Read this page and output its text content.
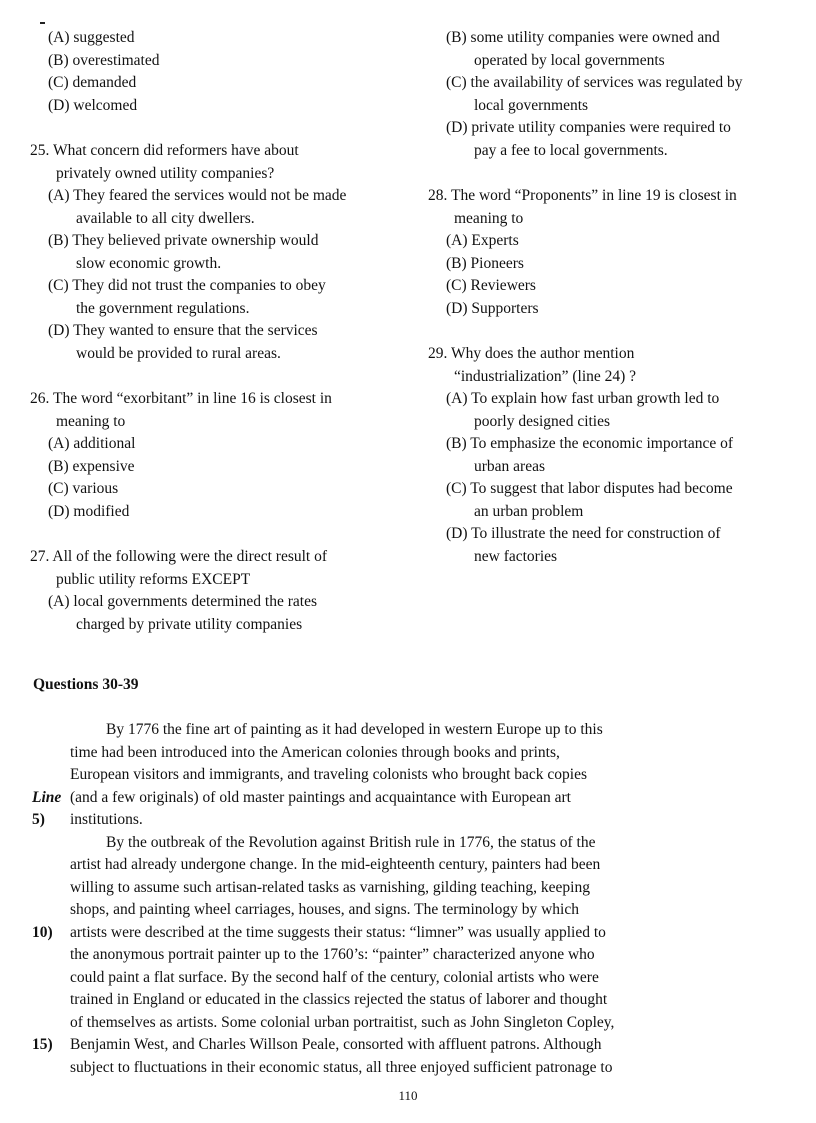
(A) suggested
(B) overestimated
(C) demanded
(D) welcomed
25. What concern did reformers have about
privately owned utility companies?
(A) They feared the services would not be made
available to all city dwellers.
(B) They believed private ownership would
slow economic growth.
(C) They did not trust the companies to obey
the government regulations.
(D) They wanted to ensure that the services
would be provided to rural areas.
26. The word “exorbitant” in line 16 is closest in
meaning to
(A) additional
(B) expensive
(C) various
(D) modified
27. All of the following were the direct result of
public utility reforms EXCEPT
(A) local governments determined the rates
charged by private utility companies
(B) some utility companies were owned and
operated by local governments
(C) the availability of services was regulated by
local governments
(D) private utility companies were required to
pay a fee to local governments.
28. The word “Proponents” in line 19 is closest in
meaning to
(A) Experts
(B) Pioneers
(C) Reviewers
(D) Supporters
29. Why does the author mention
“industrialization” (line 24) ?
(A) To explain how fast urban growth led to
poorly designed cities
(B) To emphasize the economic importance of
urban areas
(C) To suggest that labor disputes had become
an urban problem
(D) To illustrate the need for construction of
new factories
Questions 30-39
By 1776 the fine art of painting as it had developed in western Europe up to this
time had been introduced into the American colonies through books and prints,
European visitors and immigrants, and traveling colonists who brought back copies
Line (and a few originals) of old master paintings and acquaintance with European art
5) institutions.
By the outbreak of the Revolution against British rule in 1776, the status of the
artist had already undergone change. In the mid-eighteenth century, painters had been
willing to assume such artisan-related tasks as varnishing, gilding teaching, keeping
shops, and painting wheel carriages, houses, and signs. The terminology by which
10) artists were described at the time suggests their status: “limner” was usually applied to
the anonymous portrait painter up to the 1760’s: “painter” characterized anyone who
could paint a flat surface. By the second half of the century, colonial artists who were
trained in England or educated in the classics rejected the status of laborer and thought
of themselves as artists. Some colonial urban portraitist, such as John Singleton Copley,
15) Benjamin West, and Charles Willson Peale, consorted with affluent patrons. Although
subject to fluctuations in their economic status, all three enjoyed sufficient patronage to
110
